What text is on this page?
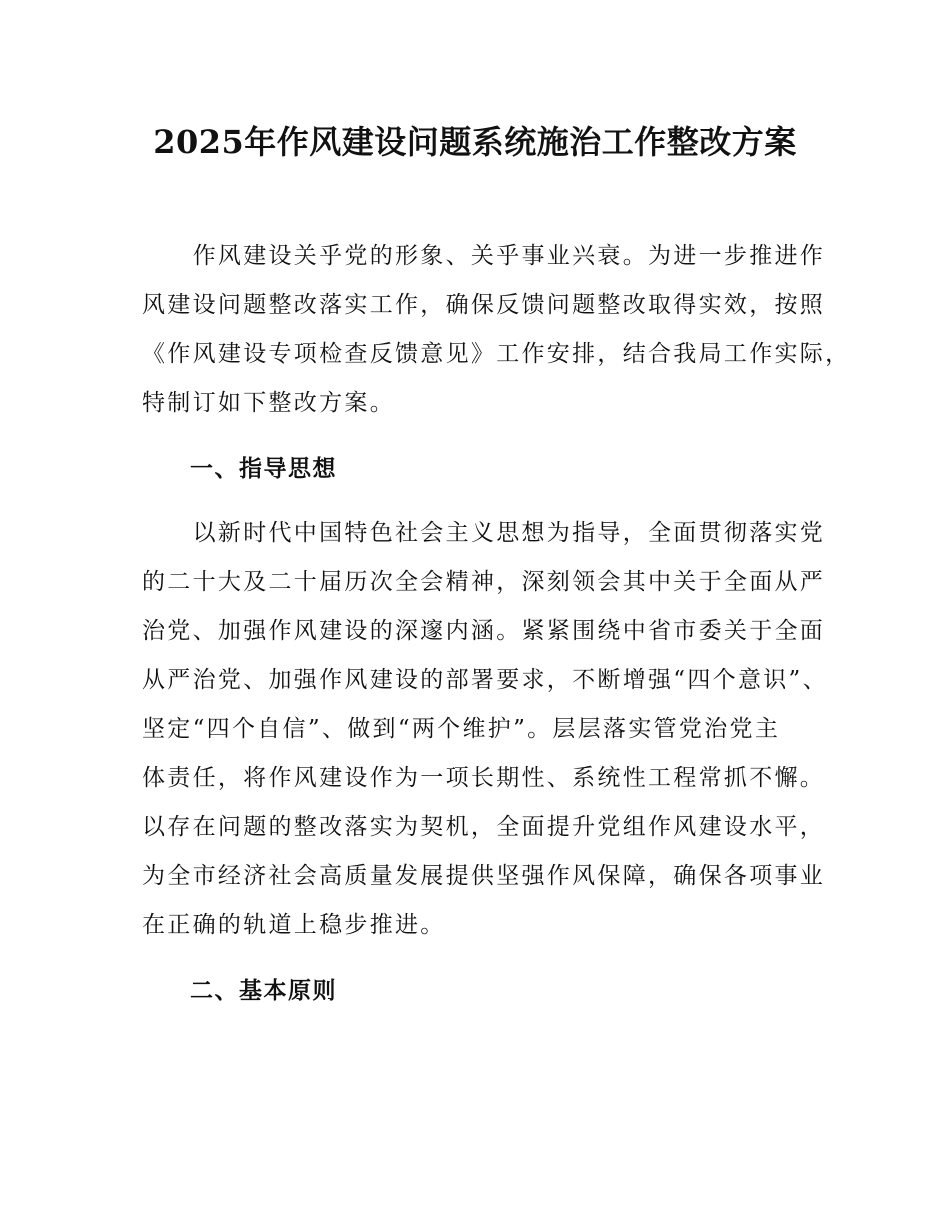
2025年作风建设问题系统施治工作整改方案

　　作风建设关乎党的形象、关乎事业兴衰。为进一步推进作
风建设问题整改落实工作，确保反馈问题整改取得实效，按照
《作风建设专项检查反馈意见》工作安排，结合我局工作实际，
特制订如下整改方案。

一、指导思想

　　以新时代中国特色社会主义思想为指导，全面贯彻落实党
的二十大及二十届历次全会精神，深刻领会其中关于全面从严
治党、加强作风建设的深邃内涵。紧紧围绕中省市委关于全面
从严治党、加强作风建设的部署要求，不断增强“四个意识”、
坚定“四个自信”、做到“两个维护”。层层落实管党治党主
体责任，将作风建设作为一项长期性、系统性工程常抓不懈。
以存在问题的整改落实为契机，全面提升党组作风建设水平，
为全市经济社会高质量发展提供坚强作风保障，确保各项事业
在正确的轨道上稳步推进。

二、基本原则
